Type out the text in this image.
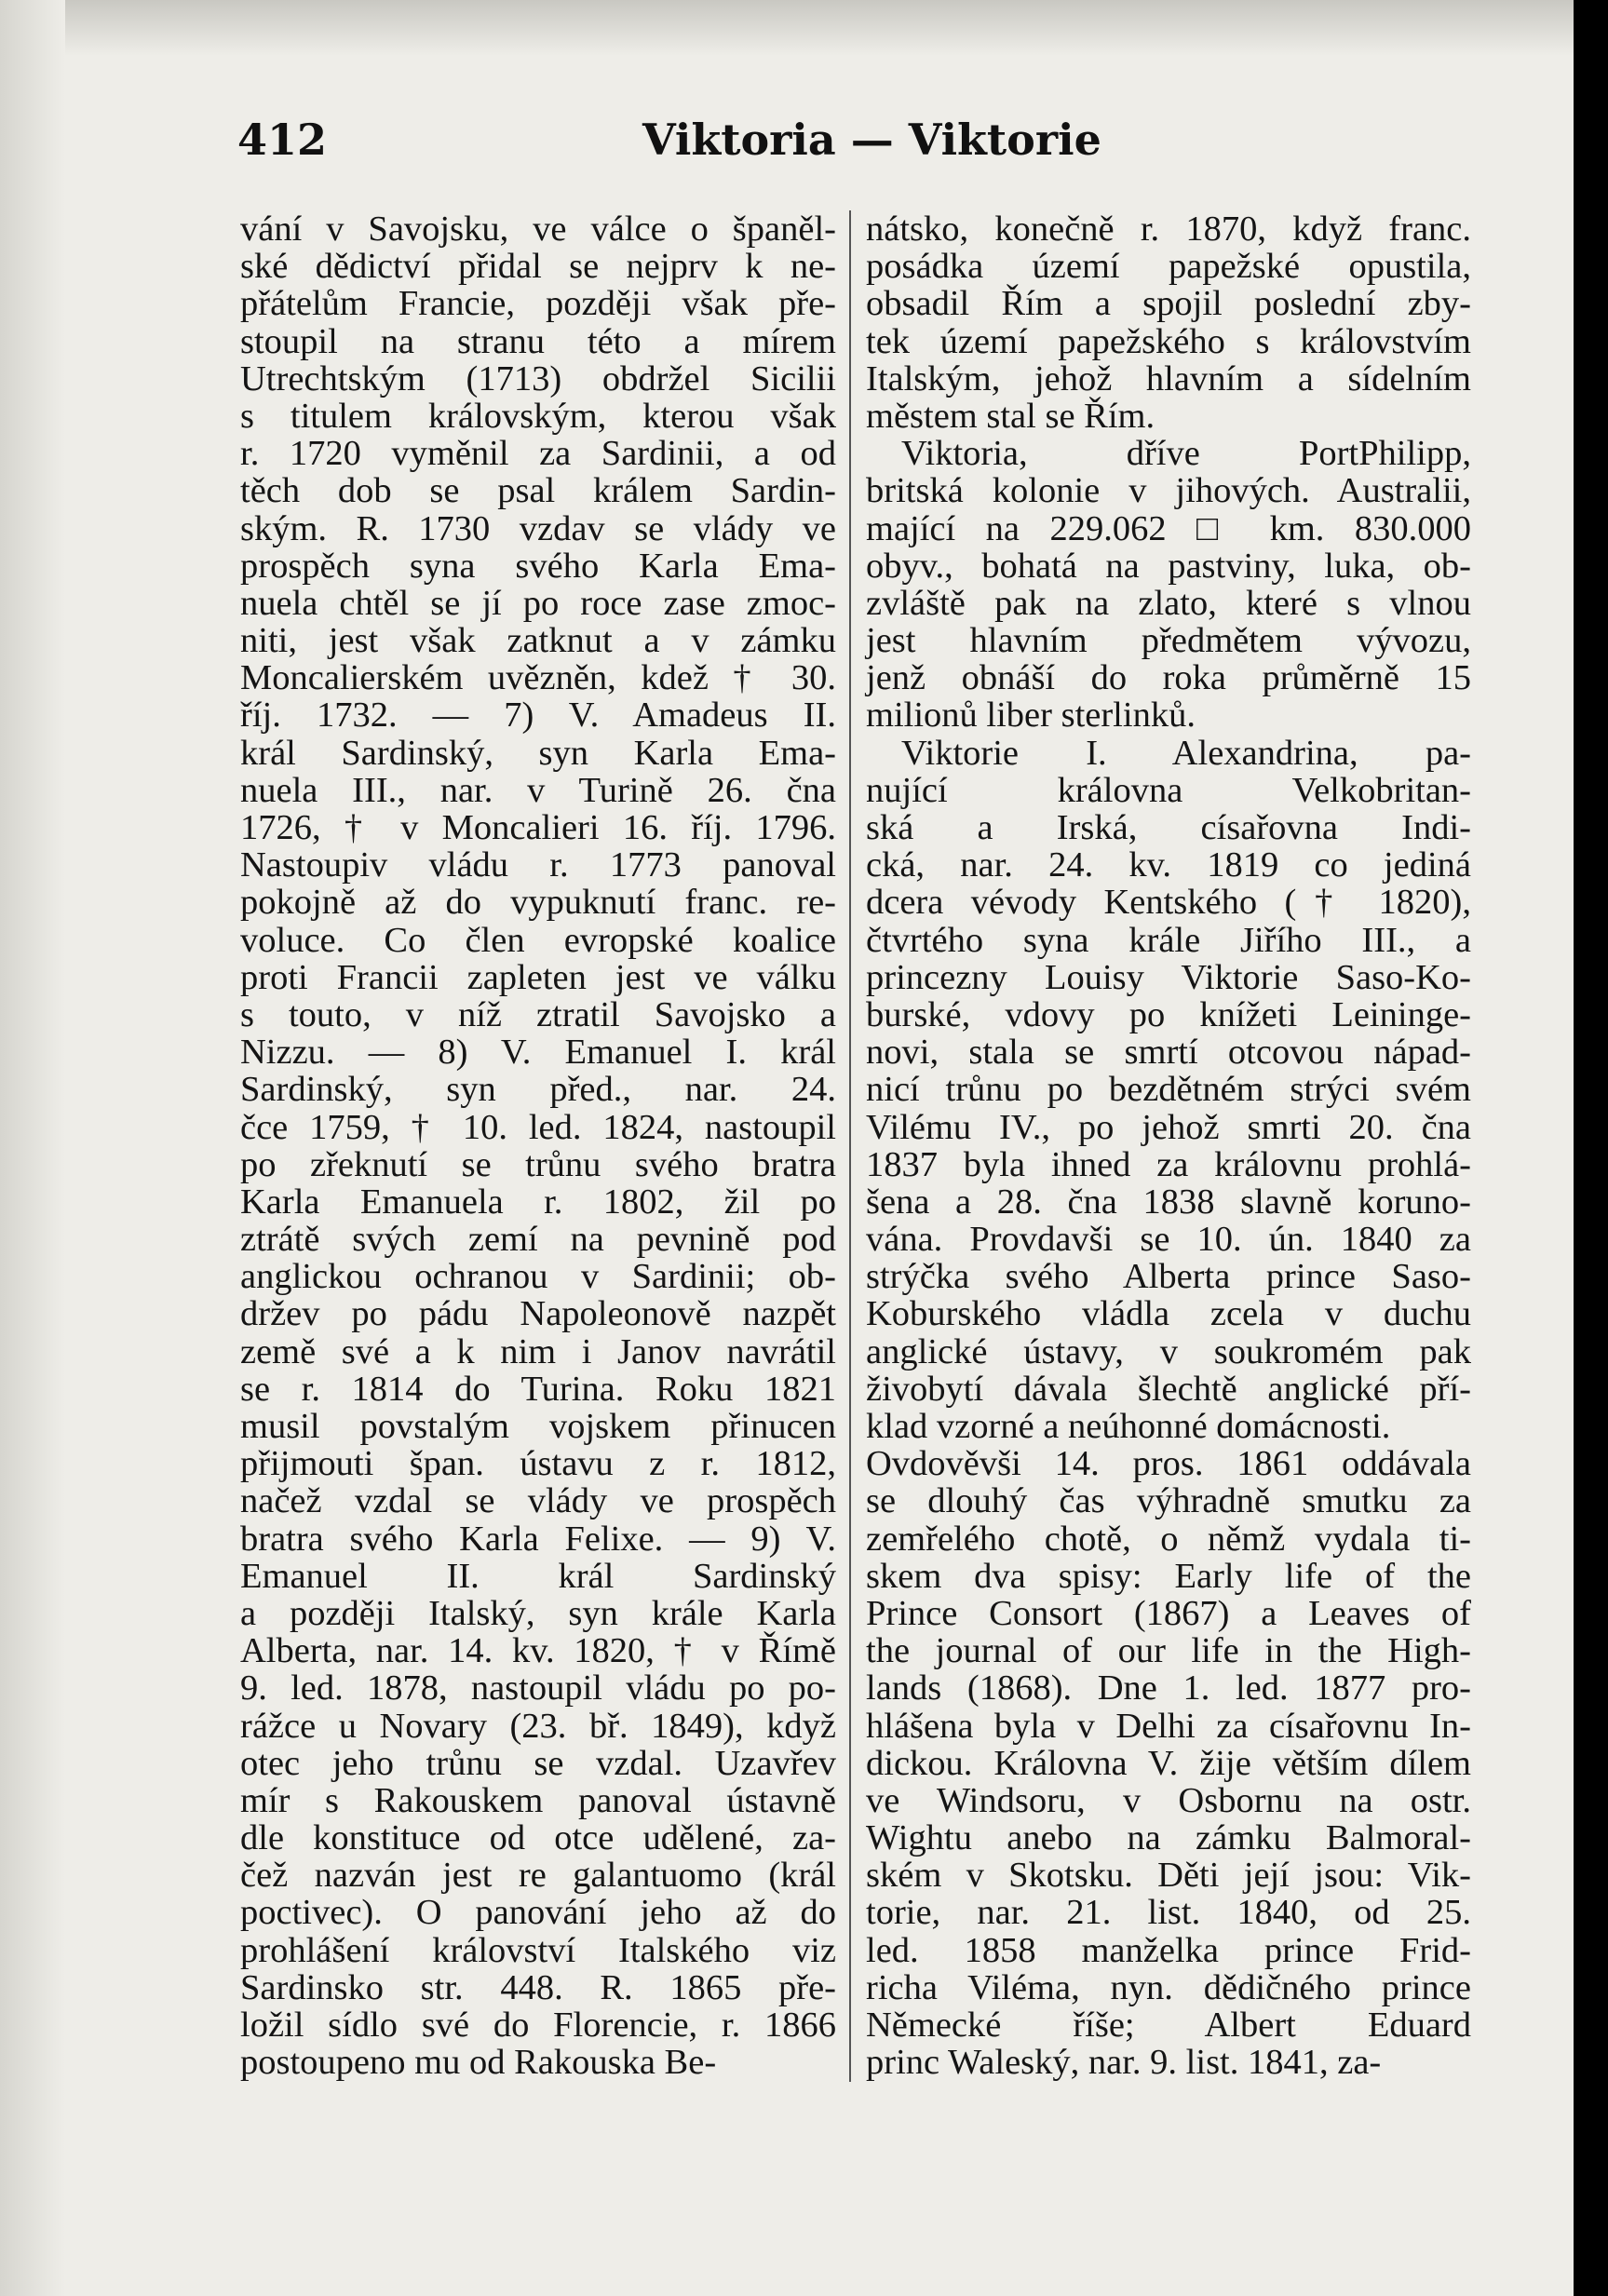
412	Viktoria — Viktorie
vání v Savojsku, ve válce o španěl-
ské dědictví přidal se nejprv k ne-
přátelům Francie, později však pře-
stoupil na stranu této a mírem
Utrechtským (1713) obdržel Sicilii
s titulem královským, kterou však
r. 1720 vyměnil za Sardinii, a od
těch dob se psal králem Sardin-
ským. R. 1730 vzdav se vlády ve
prospěch syna svého Karla Ema-
nuela chtěl se jí po roce zase zmoc-
niti, jest však zatknut a v zámku
Moncalierském uvězněn, kdež † 30.
říj. 1732. — 7) V. Amadeus II.
král Sardinský, syn Karla Ema-
nuela III., nar. v Turině 26. čna
1726, † v Moncalieri 16. říj. 1796.
Nastoupiv vládu r. 1773 panoval
pokojně až do vypuknutí franc. re-
voluce. Co člen evropské koalice
proti Francii zapleten jest ve válku
s touto, v níž ztratil Savojsko a
Nizzu. — 8) V. Emanuel I. král
Sardinský, syn před., nar. 24.
čce 1759, † 10. led. 1824, nastoupil
po zřeknutí se trůnu svého bratra
Karla Emanuela r. 1802, žil po
ztrátě svých zemí na pevnině pod
anglickou ochranou v Sardinii; ob-
držev po pádu Napoleonově nazpět
země své a k nim i Janov navrátil
se r. 1814 do Turina. Roku 1821
musil povstalým vojskem přinucen
přijmouti špan. ústavu z r. 1812,
načež vzdal se vlády ve prospěch
bratra svého Karla Felixe. — 9) V.
Emanuel II. král Sardinský
a později Italský, syn krále Karla
Alberta, nar. 14. kv. 1820, † v Římě
9. led. 1878, nastoupil vládu po po-
rážce u Novary (23. bř. 1849), když
otec jeho trůnu se vzdal. Uzavřev
mír s Rakouskem panoval ústavně
dle konstituce od otce udělené, za-
čež nazván jest re galantuomo (král
poctivec). O panování jeho až do
prohlášení království Italského viz
Sardinsko str. 448. R. 1865 pře-
ložil sídlo své do Florencie, r. 1866
postoupeno mu od Rakouska Be-
nátsko, konečně r. 1870, když franc.
posádka území papežské opustila,
obsadil Řím a spojil poslední zby-
tek území papežského s královstvím
Italským, jehož hlavním a sídelním
městem stal se Řím.
Viktoria, dříve PortPhilipp,
britská kolonie v jihových. Australii,
mající na 229.062 □ km. 830.000
obyv., bohatá na pastviny, luka, ob-
zvláště pak na zlato, které s vlnou
jest hlavním předmětem vývozu,
jenž obnáší do roka průměrně 15
milionů liber sterlinků.
Viktorie I. Alexandrina, pa-
nující královna Velkobritan-
ská a Irská, císařovna Indi-
cká, nar. 24. kv. 1819 co jediná
dcera vévody Kentského († 1820),
čtvrtého syna krále Jiřího III., a
princezny Louisy Viktorie Saso-Ko-
burské, vdovy po knížeti Leininge-
novi, stala se smrtí otcovou nápad-
nicí trůnu po bezdětném strýci svém
Vilému IV., po jehož smrti 20. čna
1837 byla ihned za královnu prohlá-
šena a 28. čna 1838 slavně koruno-
vána. Provdavši se 10. ún. 1840 za
strýčka svého Alberta prince Saso-
Koburského vládla zcela v duchu
anglické ústavy, v soukromém pak
živobytí dávala šlechtě anglické pří-
klad vzorné a neúhonné domácnosti.
Ovdověvši 14. pros. 1861 oddávala
se dlouhý čas výhradně smutku za
zemřelého chotě, o němž vydala ti-
skem dva spisy: Early life of the
Prince Consort (1867) a Leaves of
the journal of our life in the High-
lands (1868). Dne 1. led. 1877 pro-
hlášena byla v Delhi za císařovnu In-
dickou. Královna V. žije větším dílem
ve Windsoru, v Osbornu na ostr.
Wightu anebo na zámku Balmoral-
ském v Skotsku. Děti její jsou: Vik-
torie, nar. 21. list. 1840, od 25.
led. 1858 manželka prince Frid-
richa Viléma, nyn. dědičného prince
Německé říše; Albert Eduard
princ Waleský, nar. 9. list. 1841, za-
